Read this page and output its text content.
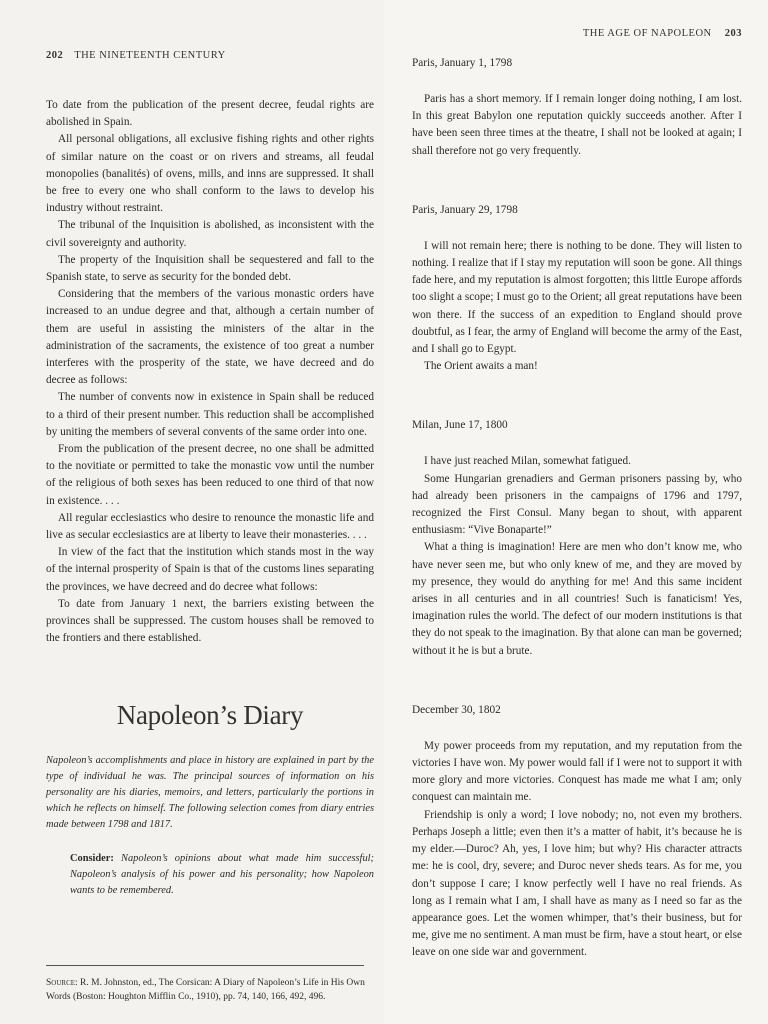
202 THE NINETEENTH CENTURY

To date from the publication of the present decree, feudal rights are abolished in Spain.

All personal obligations, all exclusive fishing rights and other rights of similar nature on the coast or on rivers and streams, all feudal monopolies (banalités) of ovens, mills, and inns are suppressed. It shall be free to every one who shall conform to the laws to develop his industry without restraint.

The tribunal of the Inquisition is abolished, as inconsistent with the civil sovereignty and authority.

The property of the Inquisition shall be sequestered and fall to the Spanish state, to serve as security for the bonded debt.

Considering that the members of the various monastic orders have increased to an undue degree and that, although a certain number of them are useful in assisting the ministers of the altar in the administration of the sacraments, the existence of too great a number interferes with the prosperity of the state, we have decreed and do decree as follows:

The number of convents now in existence in Spain shall be reduced to a third of their present number. This reduction shall be accomplished by uniting the members of several convents of the same order into one.

From the publication of the present decree, no one shall be admitted to the novitiate or permitted to take the monastic vow until the number of the religious of both sexes has been reduced to one third of that now in existence. . . .

All regular ecclesiastics who desire to renounce the monastic life and live as secular ecclesiastics are at liberty to leave their monasteries. . . .

In view of the fact that the institution which stands most in the way of the internal prosperity of Spain is that of the customs lines separating the provinces, we have decreed and do decree what follows:

To date from January 1 next, the barriers existing between the provinces shall be suppressed. The custom houses shall be removed to the frontiers and there established.

Napoleon’s Diary

Napoleon’s accomplishments and place in history are explained in part by the type of individual he was. The principal sources of information on his personality are his diaries, memoirs, and letters, particularly the portions in which he reflects on himself. The following selection comes from diary entries made between 1798 and 1817.

Consider: Napoleon’s opinions about what made him successful; Napoleon’s analysis of his power and his personality; how Napoleon wants to be remembered.
Source: R. M. Johnston, ed., The Corsican: A Diary of Napoleon’s Life in His Own Words (Boston: Houghton Mifflin Co., 1910), pp. 74, 140, 166, 492, 496.
THE AGE OF NAPOLEON 203
Paris, January 1, 1798

Paris has a short memory. If I remain longer doing nothing, I am lost. In this great Babylon one reputation quickly succeeds another. After I have been seen three times at the theatre, I shall not be looked at again; I shall therefore not go very frequently.

Paris, January 29, 1798

I will not remain here; there is nothing to be done. They will listen to nothing. I realize that if I stay my reputation will soon be gone. All things fade here, and my reputation is almost forgotten; this little Europe affords too slight a scope; I must go to the Orient; all great reputations have been won there. If the success of an expedition to England should prove doubtful, as I fear, the army of England will become the army of the East, and I shall go to Egypt.

The Orient awaits a man!

Milan, June 17, 1800

I have just reached Milan, somewhat fatigued.

Some Hungarian grenadiers and German prisoners passing by, who had already been prisoners in the campaigns of 1796 and 1797, recognized the First Consul. Many began to shout, with apparent enthusiasm: “Vive Bonaparte!”

What a thing is imagination! Here are men who don’t know me, who have never seen me, but who only knew of me, and they are moved by my presence, they would do anything for me! And this same incident arises in all centuries and in all countries! Such is fanaticism! Yes, imagination rules the world. The defect of our modern institutions is that they do not speak to the imagination. By that alone can man be governed; without it he is but a brute.

December 30, 1802

My power proceeds from my reputation, and my reputation from the victories I have won. My power would fall if I were not to support it with more glory and more victories. Conquest has made me what I am; only conquest can maintain me.

Friendship is only a word; I love nobody; no, not even my brothers. Perhaps Joseph a little; even then it’s a matter of habit, it’s because he is my elder.—Duroc? Ah, yes, I love him; but why? His character attracts me: he is cool, dry, severe; and Duroc never sheds tears. As for me, you don’t suppose I care; I know perfectly well I have no real friends. As long as I remain what I am, I shall have as many as I need so far as the appearance goes. Let the women whimper, that’s their business, but for me, give me no sentiment. A man must be firm, have a stout heart, or else leave on one side war and government.
